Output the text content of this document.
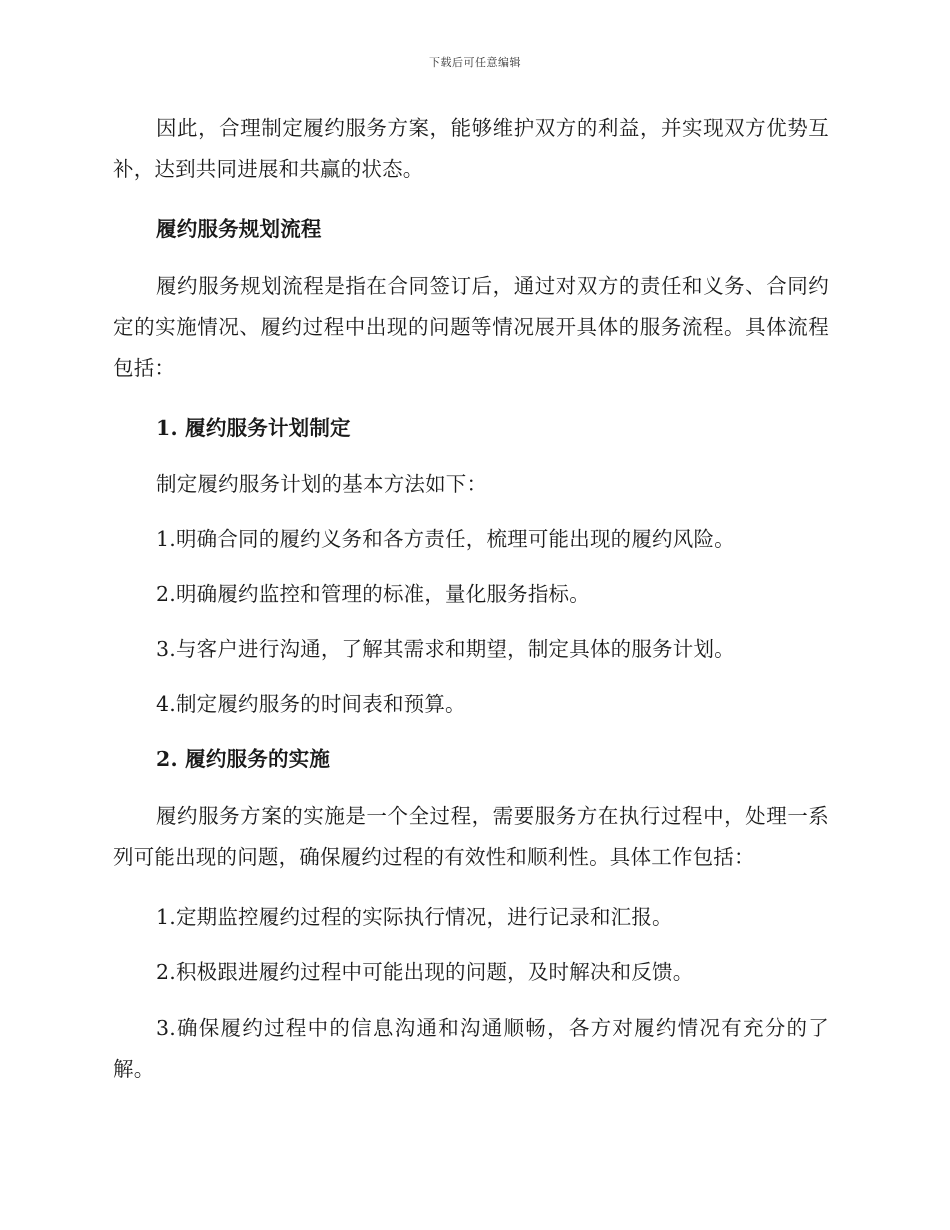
下载后可任意编辑

因此，合理制定履约服务方案，能够维护双方的利益，并实现双方优势互补，达到共同进展和共赢的状态。

履约服务规划流程

履约服务规划流程是指在合同签订后，通过对双方的责任和义务、合同约定的实施情况、履约过程中出现的问题等情况展开具体的服务流程。具体流程包括：

1. 履约服务计划制定

制定履约服务计划的基本方法如下：

1.明确合同的履约义务和各方责任，梳理可能出现的履约风险。

2.明确履约监控和管理的标准，量化服务指标。

3.与客户进行沟通，了解其需求和期望，制定具体的服务计划。

4.制定履约服务的时间表和预算。

2. 履约服务的实施

履约服务方案的实施是一个全过程，需要服务方在执行过程中，处理一系列可能出现的问题，确保履约过程的有效性和顺利性。具体工作包括：

1.定期监控履约过程的实际执行情况，进行记录和汇报。

2.积极跟进履约过程中可能出现的问题，及时解决和反馈。

3.确保履约过程中的信息沟通和沟通顺畅，各方对履约情况有充分的了解。
